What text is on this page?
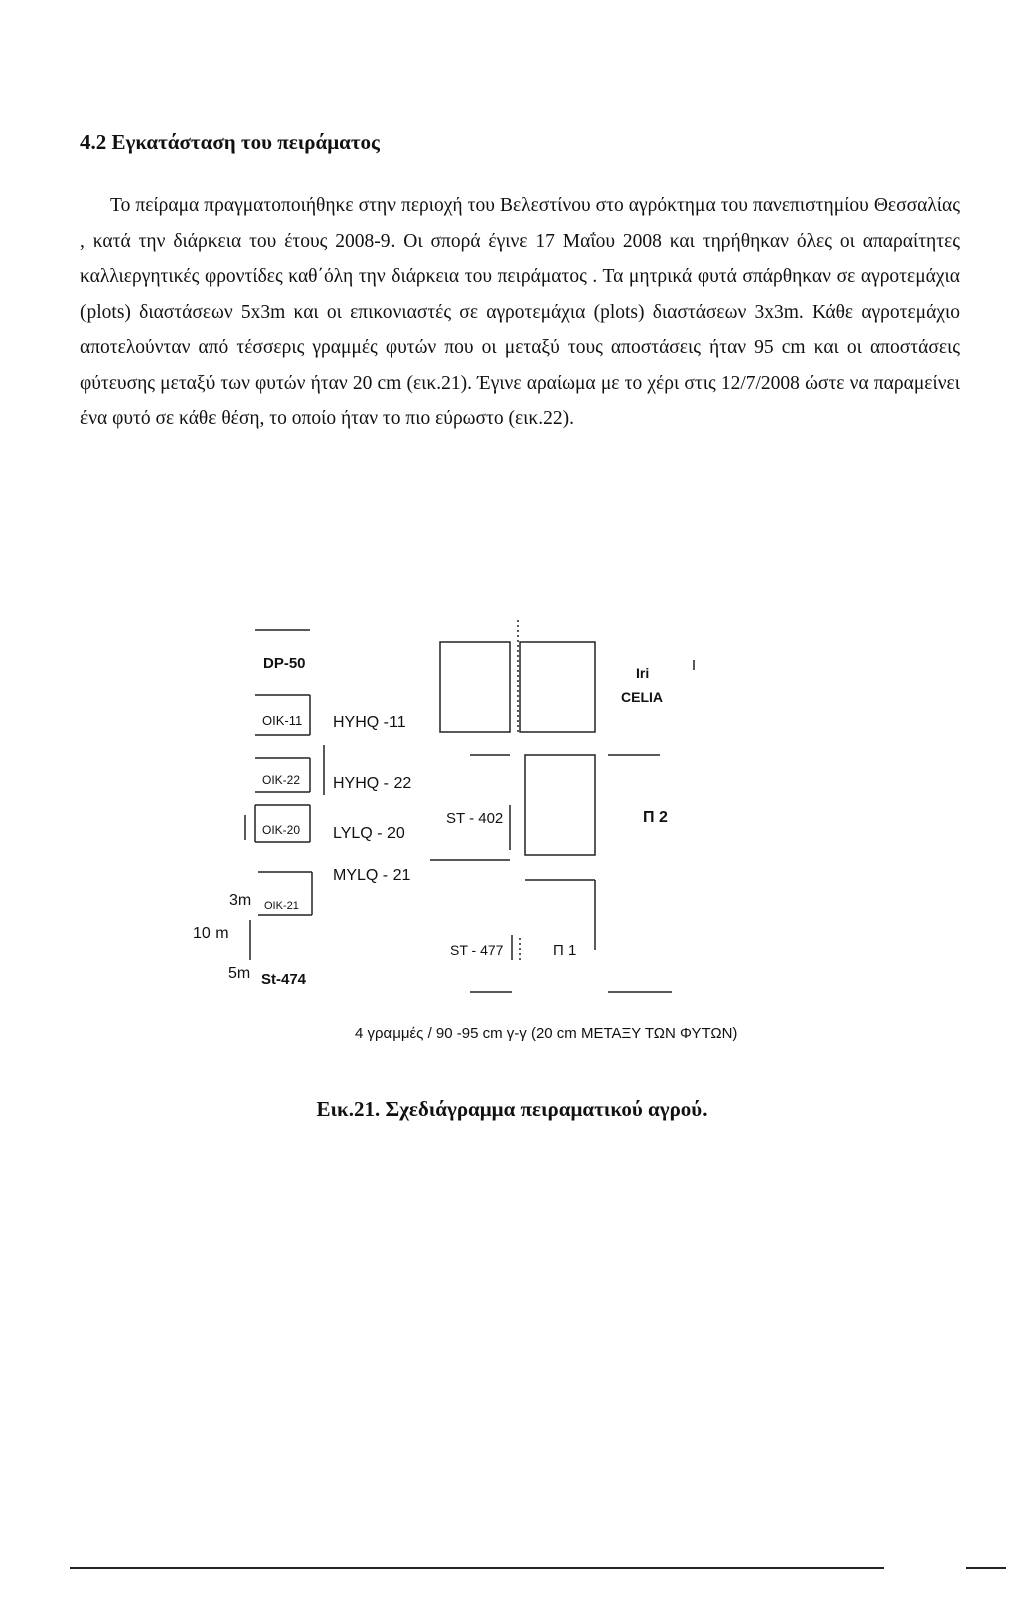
4.2 Εγκατάσταση του πειράματος

Το πείραμα πραγματοποιήθηκε στην περιοχή του Βελεστίνου στο αγρόκτημα του πανεπιστημίου Θεσσαλίας , κατά την διάρκεια του έτους 2008-9. Οι σπορά έγινε 17 Μαΐου 2008 και τηρήθηκαν όλες οι απαραίτητες καλλιεργητικές φροντίδες καθ΄όλη την διάρκεια του πειράματος . Τα μητρικά φυτά σπάρθηκαν σε αγροτεμάχια (plots) διαστάσεων 5x3m και οι επικονιαστές σε αγροτεμάχια (plots) διαστάσεων 3x3m. Κάθε αγροτεμάχιο αποτελούνταν από τέσσερις γραμμές φυτών που οι μεταξύ τους αποστάσεις ήταν 95 cm και οι αποστάσεις φύτευσης μεταξύ των φυτών ήταν 20 cm (εικ.21). Έγινε αραίωμα με το χέρι στις 12/7/2008 ώστε να παραμείνει ένα φυτό σε κάθε θέση, το οποίο ήταν το πιο εύρωστο (εικ.22).

DP-50
OIK-11 HYHQ -11
Iri
CELIA
OIK-22 HYHQ - 22
ST - 402	П 2
OIK-20 LYLQ - 20
MYLQ - 21
3m OIK-21
10 m
ST - 477	П 1
5m St-474
4 γραμμές / 90 -95 cm γ-γ (20 cm ΜΕΤΑΞΥ ΤΩΝ ΦΥΤΩΝ)

Εικ.21. Σχεδιάγραμμα πειραματικού αγρού.
